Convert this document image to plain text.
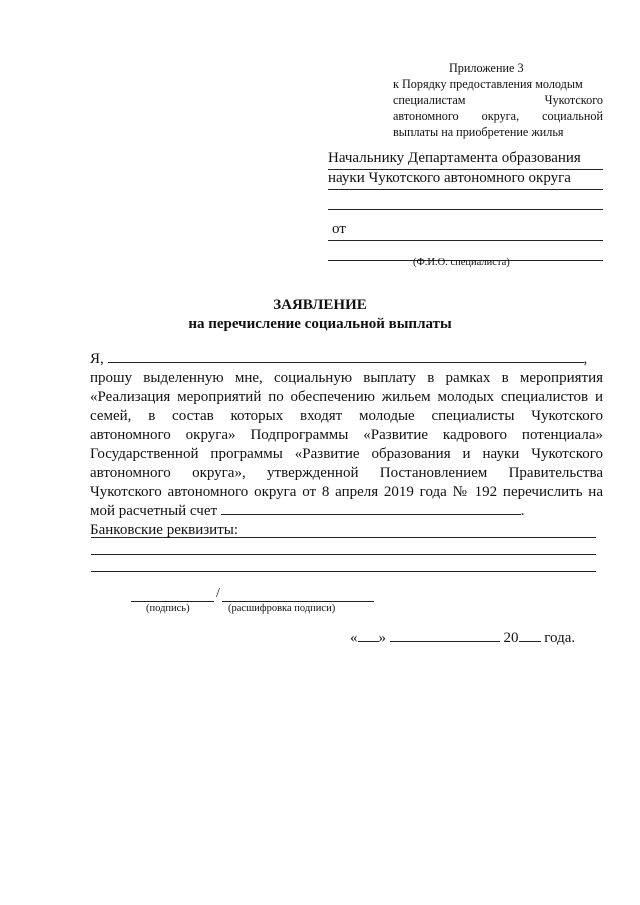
Приложение 3
к Порядку предоставления молодым
специалистам Чукотского
автономного округа, социальной
выплаты на приобретение жилья
Начальнику Департамента образования
науки Чукотского автономного округа
от
(Ф.И.О. специалиста)
ЗАЯВЛЕНИЕ
на перечисление социальной выплаты
Я,	,
прошу выделенную мне, социальную выплату в рамках в мероприятия
«Реализация мероприятий по обеспечению жильем молодых специалистов и
семей, в состав которых входят молодые специалисты Чукотского
автономного округа» Подпрограммы «Развитие кадрового потенциала»
Государственной программы «Развитие образования и науки Чукотского
автономного округа», утвержденной Постановлением Правительства
Чукотского автономного округа от 8 апреля 2019 года № 192 перечислить на
мой расчетный счет	.
Банковские реквизиты:
/
(подпись)	(расшифровка подписи)
« »	20 года.
